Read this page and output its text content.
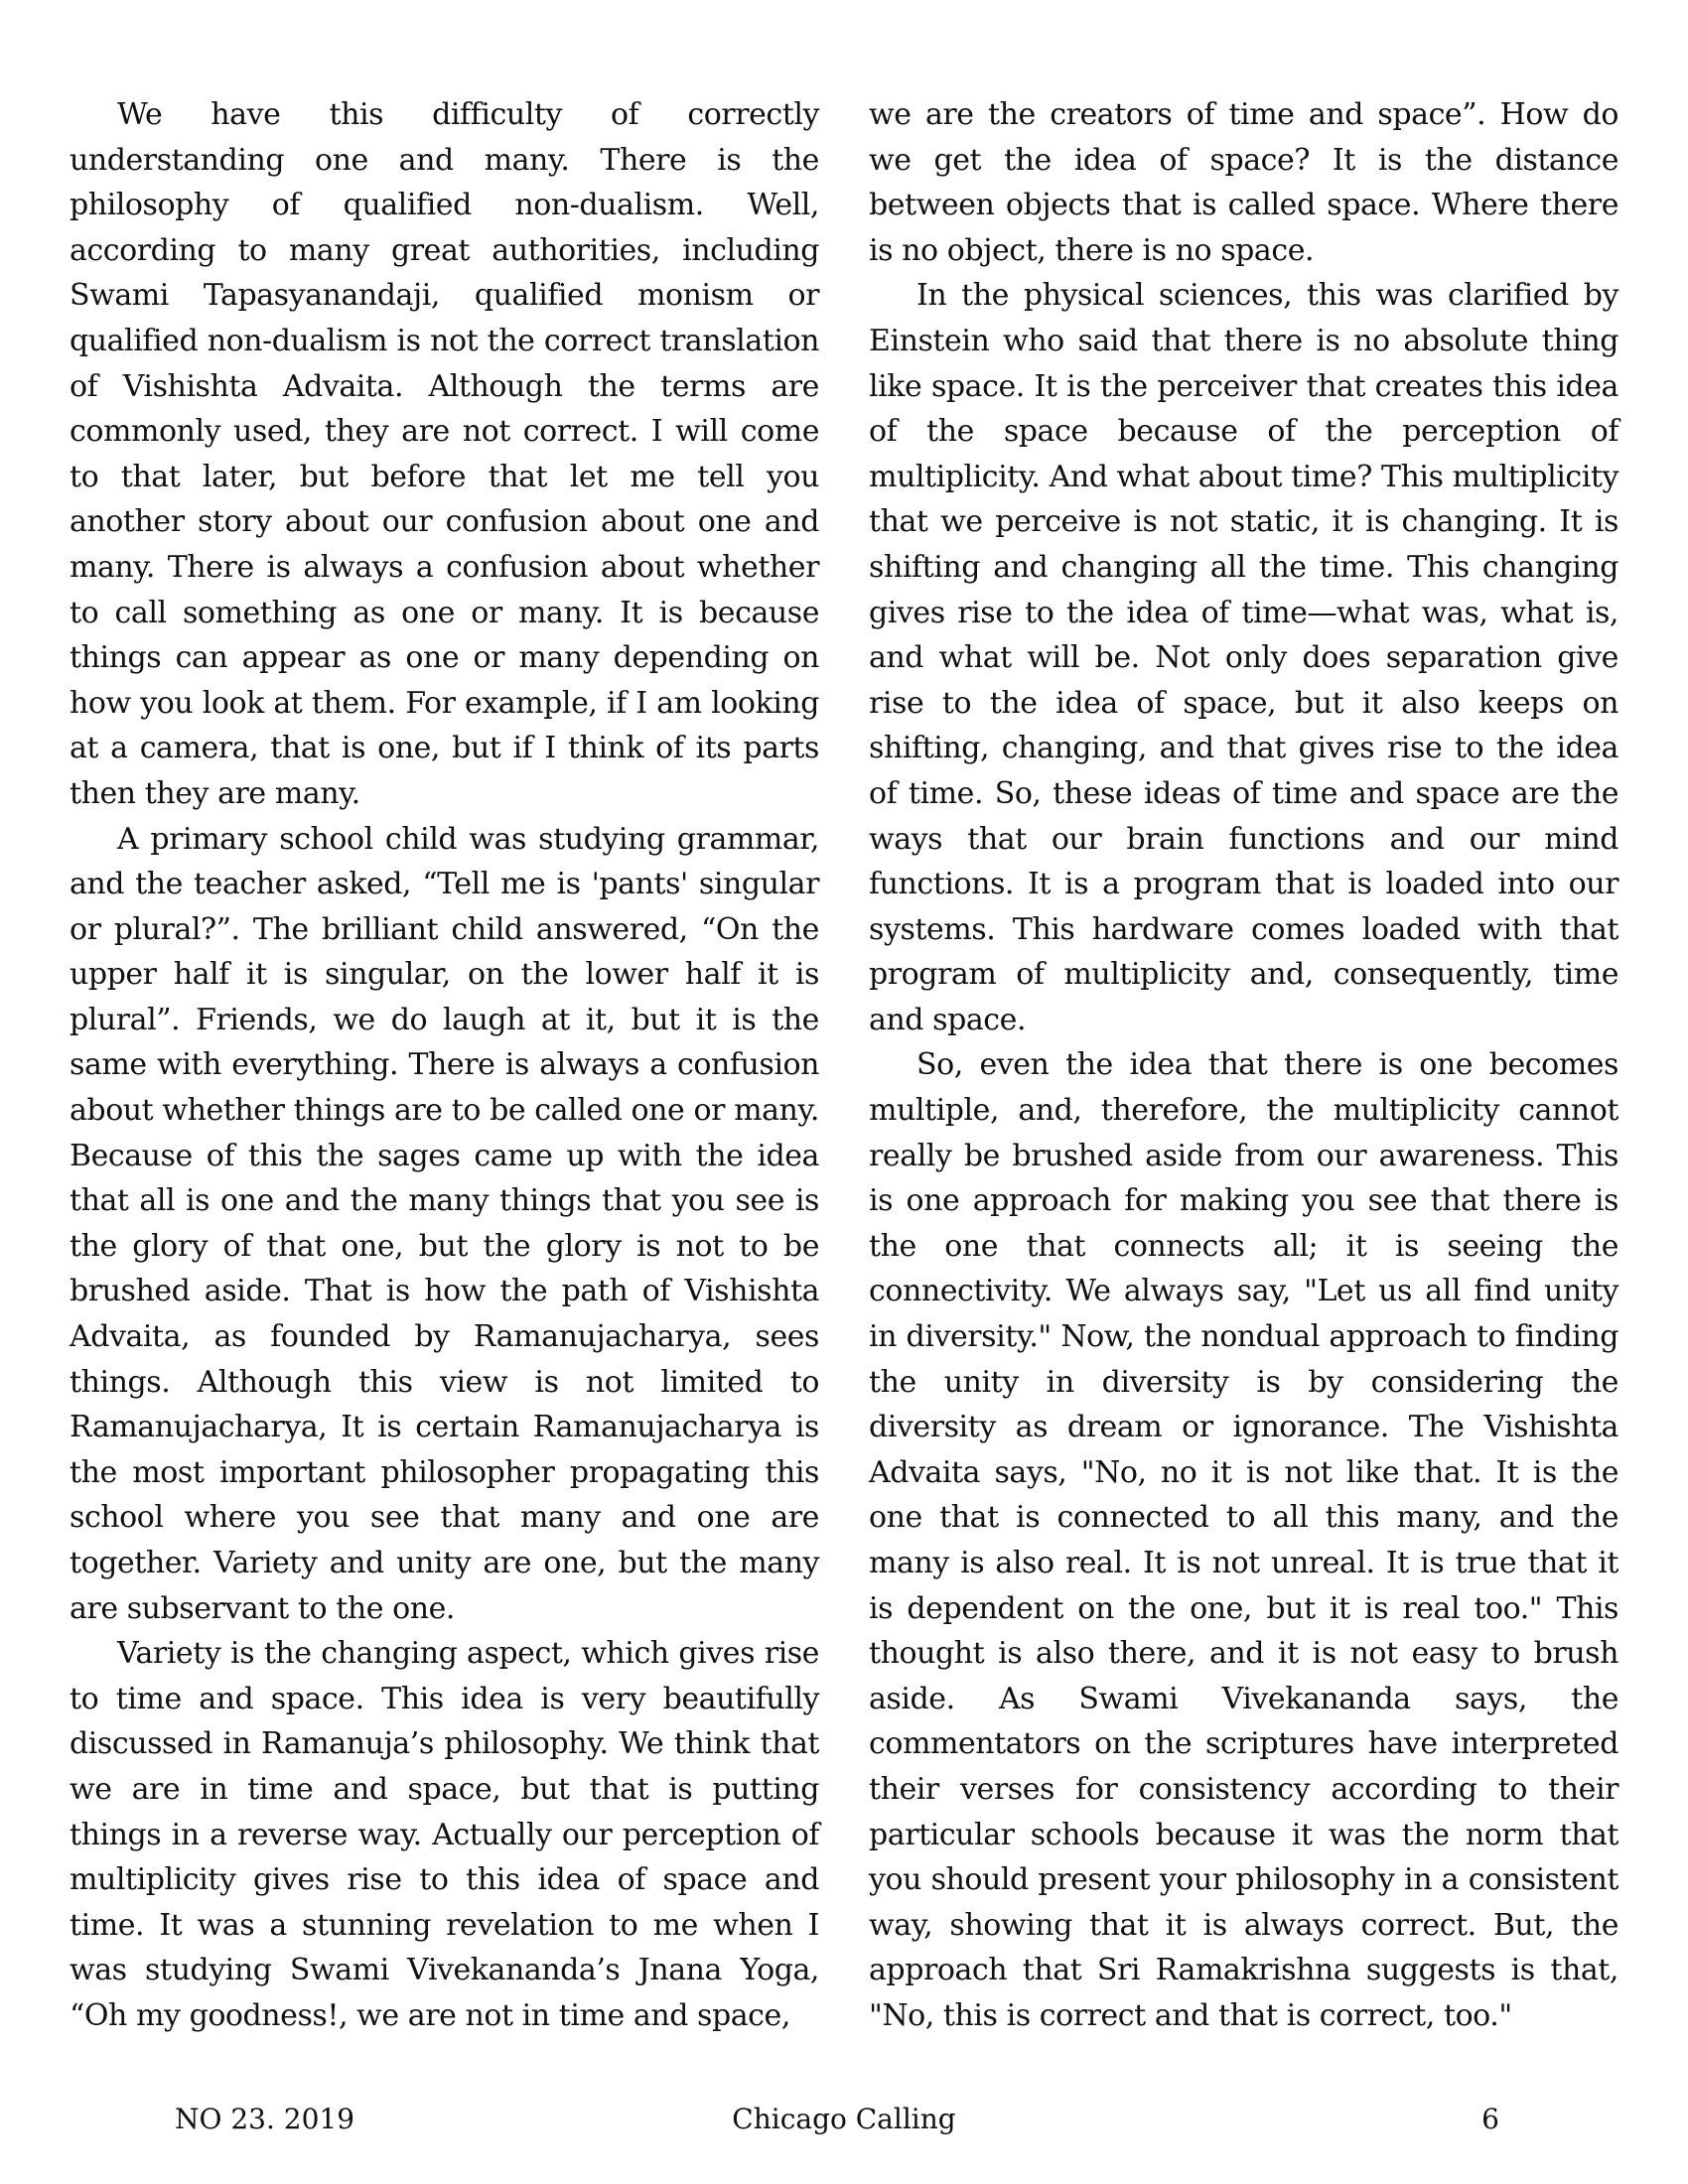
We have this difficulty of correctly understanding one and many. There is the philosophy of qualified non-dualism. Well, according to many great authorities, including Swami Tapasyanandaji, qualified monism or qualified non-dualism is not the correct translation of Vishishta Advaita. Although the terms are commonly used, they are not correct. I will come to that later, but before that let me tell you another story about our confusion about one and many. There is always a confusion about whether to call something as one or many. It is because things can appear as one or many depending on how you look at them. For example, if I am looking at a camera, that is one, but if I think of its parts then they are many.

A primary school child was studying grammar, and the teacher asked, “Tell me is 'pants' singular or plural?”. The brilliant child answered, “On the upper half it is singular, on the lower half it is plural”. Friends, we do laugh at it, but it is the same with everything. There is always a confusion about whether things are to be called one or many. Because of this the sages came up with the idea that all is one and the many things that you see is the glory of that one, but the glory is not to be brushed aside. That is how the path of Vishishta Advaita, as founded by Ramanujacharya, sees things. Although this view is not limited to Ramanujacharya, It is certain Ramanujacharya is the most important philosopher propagating this school where you see that many and one are together. Variety and unity are one, but the many are subservant to the one.

Variety is the changing aspect, which gives rise to time and space. This idea is very beautifully discussed in Ramanuja’s philosophy. We think that we are in time and space, but that is putting things in a reverse way. Actually our perception of multiplicity gives rise to this idea of space and time. It was a stunning revelation to me when I was studying Swami Vivekananda’s Jnana Yoga, “Oh my goodness!, we are not in time and space,

we are the creators of time and space”. How do we get the idea of space? It is the distance between objects that is called space. Where there is no object, there is no space.

In the physical sciences, this was clarified by Einstein who said that there is no absolute thing like space. It is the perceiver that creates this idea of the space because of the perception of multiplicity. And what about time? This multiplicity that we perceive is not static, it is changing. It is shifting and changing all the time. This changing gives rise to the idea of time—what was, what is, and what will be. Not only does separation give rise to the idea of space, but it also keeps on shifting, changing, and that gives rise to the idea of time. So, these ideas of time and space are the ways that our brain functions and our mind functions. It is a program that is loaded into our systems. This hardware comes loaded with that program of multiplicity and, consequently, time and space.

So, even the idea that there is one becomes multiple, and, therefore, the multiplicity cannot really be brushed aside from our awareness. This is one approach for making you see that there is the one that connects all; it is seeing the connectivity. We always say, "Let us all find unity in diversity." Now, the nondual approach to finding the unity in diversity is by considering the diversity as dream or ignorance. The Vishishta Advaita says, "No, no it is not like that. It is the one that is connected to all this many, and the many is also real. It is not unreal. It is true that it is dependent on the one, but it is real too." This thought is also there, and it is not easy to brush aside. As Swami Vivekananda says, the commentators on the scriptures have interpreted their verses for consistency according to their particular schools because it was the norm that you should present your philosophy in a consistent way, showing that it is always correct. But, the approach that Sri Ramakrishna suggests is that, "No, this is correct and that is correct, too."

NO 23. 2019	Chicago Calling	6
